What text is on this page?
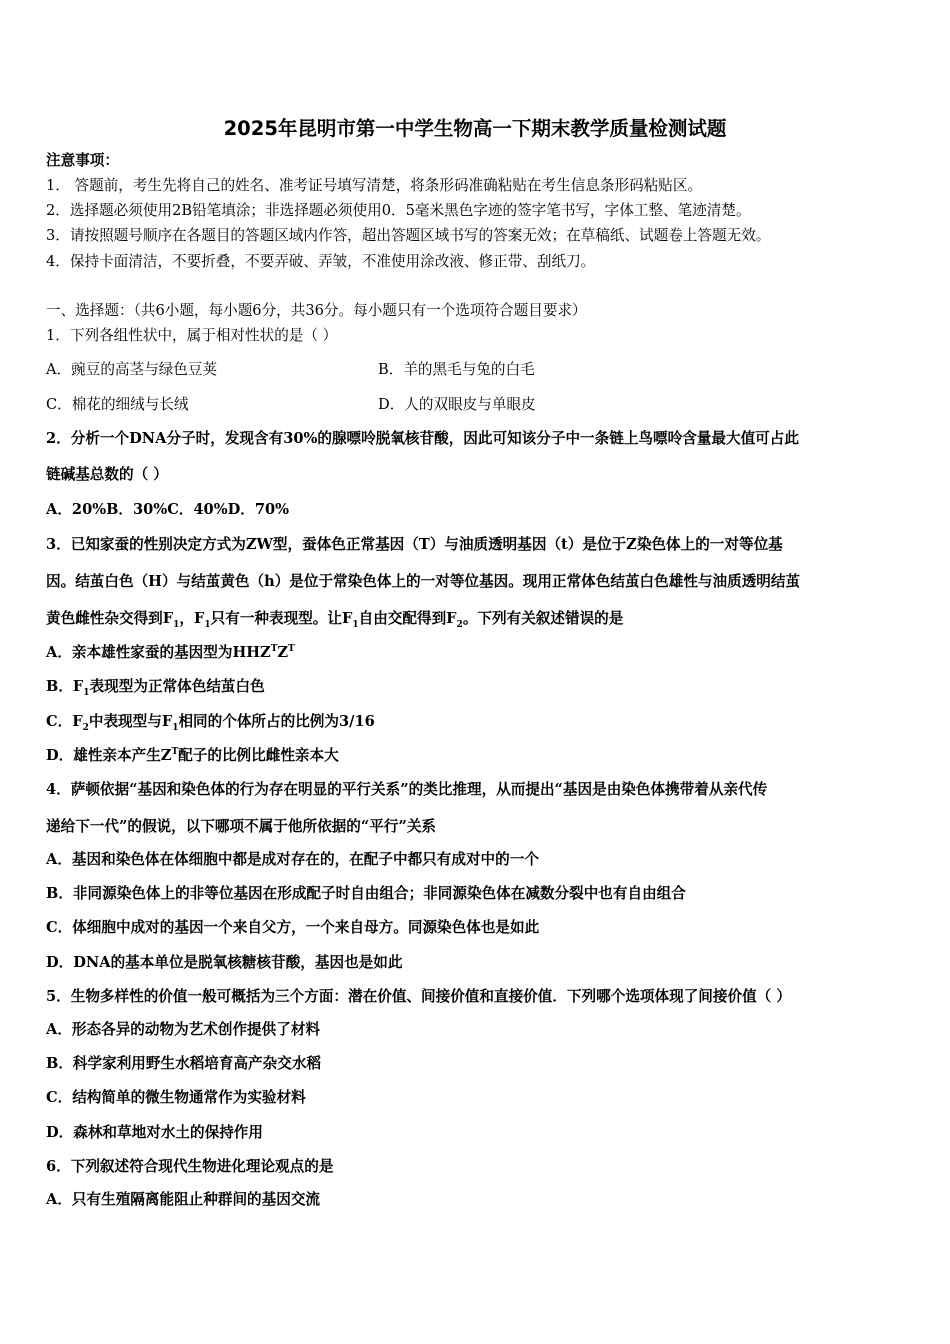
2025年昆明市第一中学生物高一下期末教学质量检测试题
注意事项：
1． 答题前，考生先将自己的姓名、准考证号填写清楚，将条形码准确粘贴在考生信息条形码粘贴区。
2．选择题必须使用2B铅笔填涂；非选择题必须使用0．5毫米黑色字迹的签字笔书写，字体工整、笔迹清楚。
3．请按照题号顺序在各题目的答题区域内作答，超出答题区域书写的答案无效；在草稿纸、试题卷上答题无效。
4．保持卡面清洁，不要折叠，不要弄破、弄皱，不准使用涂改液、修正带、刮纸刀。
一、选择题：（共6小题，每小题6分，共36分。每小题只有一个选项符合题目要求）
1．下列各组性状中，属于相对性状的是（ ）
A．豌豆的高茎与绿色豆荚	B．羊的黑毛与兔的白毛
C．棉花的细绒与长绒	D．人的双眼皮与单眼皮
2．分析一个DNA分子时，发现含有30%的腺嘌呤脱氧核苷酸，因此可知该分子中一条链上鸟嘌呤含量最大值可占此
链碱基总数的（ ）
A．20%B．30%C．40%D．70%
3．已知家蚕的性别决定方式为ZW型，蚕体色正常基因（T）与油质透明基因（t）是位于Z染色体上的一对等位基
因。结茧白色（H）与结茧黄色（h）是位于常染色体上的一对等位基因。现用正常体色结茧白色雄性与油质透明结茧
黄色雌性杂交得到$F_1$，$F_1$只有一种表现型。让$F_1$自由交配得到$F_2$。下列有关叙述错误的是
A．亲本雄性家蚕的基因型为$HHZ^TZ^T$
B．$F_1$表现型为正常体色结茧白色
C．$F_2$中表现型与$F_1$相同的个体所占的比例为3/16
D．雄性亲本产生$Z^T$配子的比例比雌性亲本大
4．萨顿依据“基因和染色体的行为存在明显的平行关系”的类比推理，从而提出“基因是由染色体携带着从亲代传
递给下一代”的假说，以下哪项不属于他所依据的“平行”关系
A．基因和染色体在体细胞中都是成对存在的，在配子中都只有成对中的一个
B．非同源染色体上的非等位基因在形成配子时自由组合；非同源染色体在减数分裂中也有自由组合
C．体细胞中成对的基因一个来自父方，一个来自母方。同源染色体也是如此
D．DNA的基本单位是脱氧核糖核苷酸，基因也是如此
5．生物多样性的价值一般可概括为三个方面：潜在价值、间接价值和直接价值．下列哪个选项体现了间接价值（ ）
A．形态各异的动物为艺术创作提供了材料
B．科学家利用野生水稻培育高产杂交水稻
C．结构简单的微生物通常作为实验材料
D．森林和草地对水土的保持作用
6．下列叙述符合现代生物进化理论观点的是
A．只有生殖隔离能阻止种群间的基因交流
